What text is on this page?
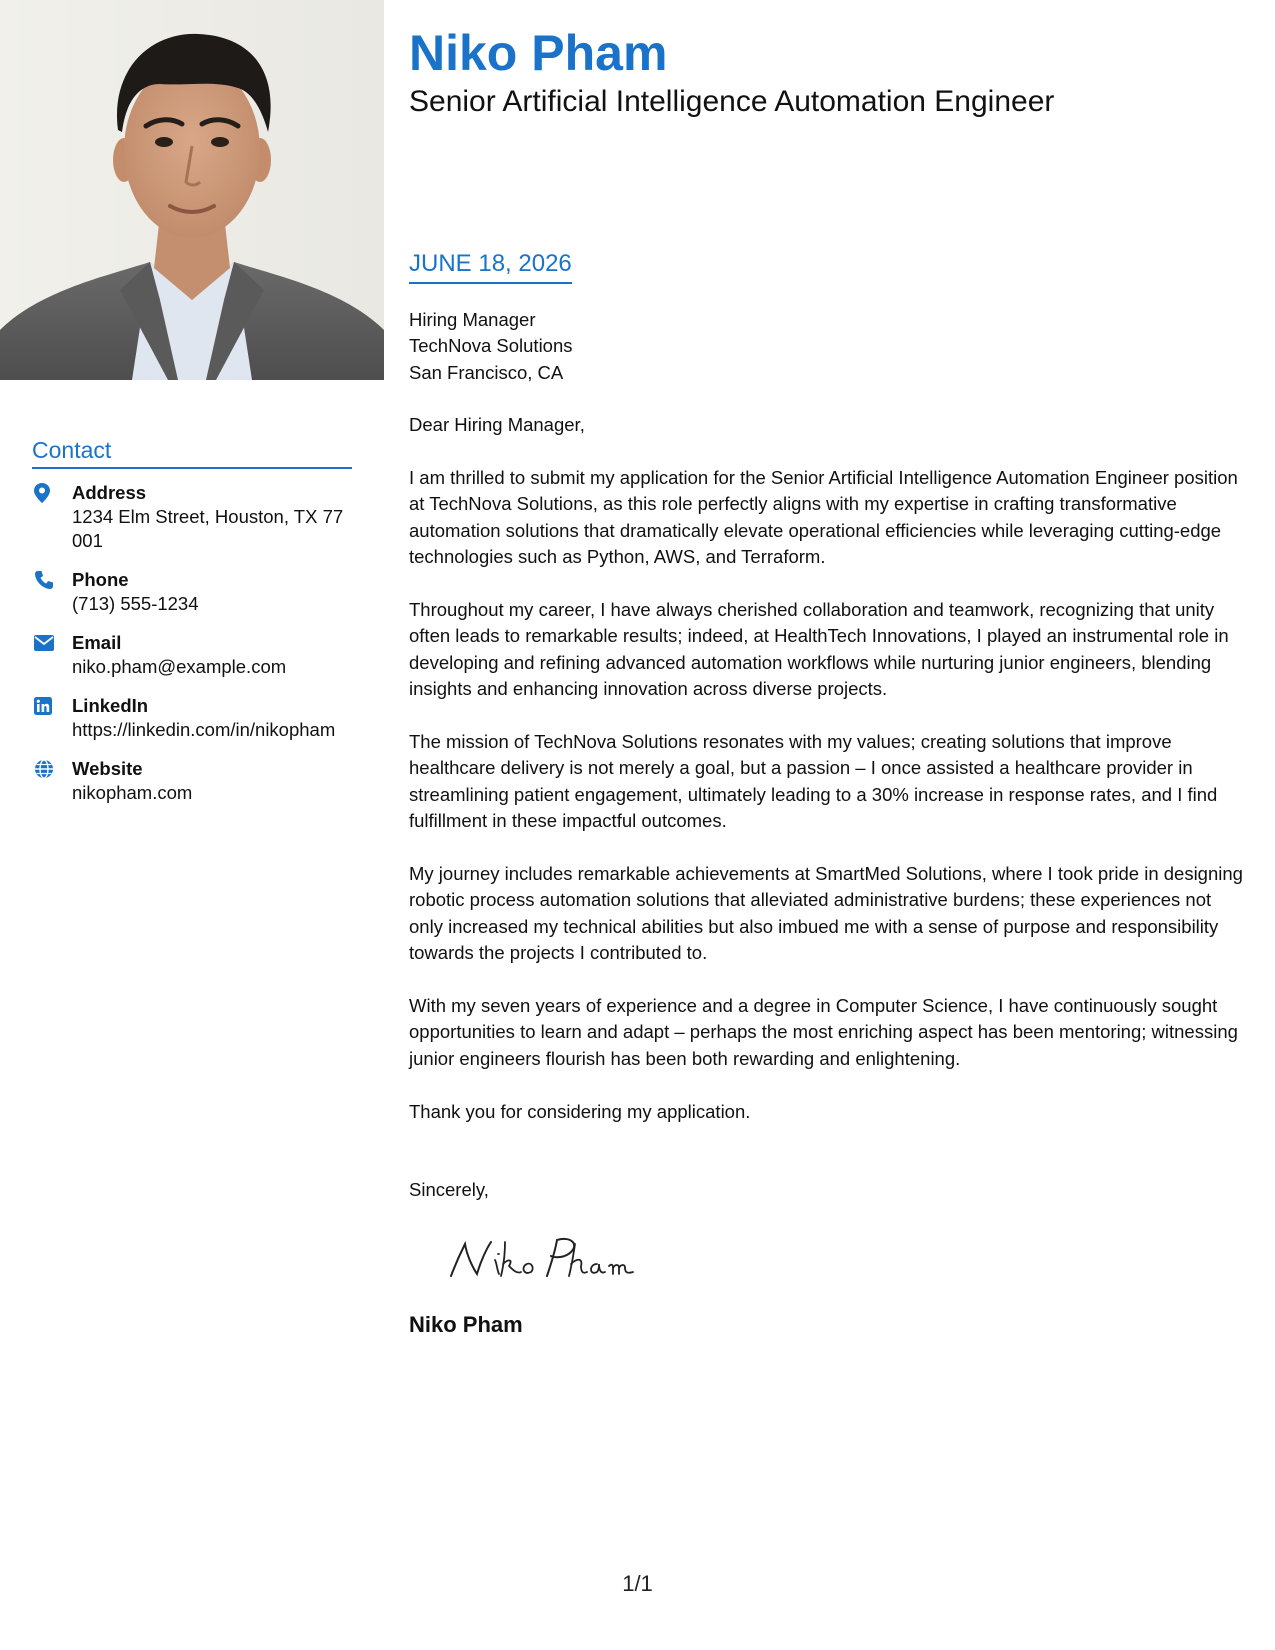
Contact
Address
1234 Elm Street, Houston, TX 77001
Phone
(713) 555-1234
Email
niko.pham@example.com
LinkedIn
https://linkedin.com/in/nikopham
Website
nikopham.com
Niko Pham
Senior Artificial Intelligence Automation Engineer
JUNE 18, 2026
Hiring Manager
TechNova Solutions
San Francisco, CA

Dear Hiring Manager,

I am thrilled to submit my application for the Senior Artificial Intelligence Automation Engineer position at TechNova Solutions, as this role perfectly aligns with my expertise in crafting transformative automation solutions that dramatically elevate operational efficiencies while leveraging cutting-edge technologies such as Python, AWS, and Terraform.

Throughout my career, I have always cherished collaboration and teamwork, recognizing that unity often leads to remarkable results; indeed, at HealthTech Innovations, I played an instrumental role in developing and refining advanced automation workflows while nurturing junior engineers, blending insights and enhancing innovation across diverse projects.

The mission of TechNova Solutions resonates with my values; creating solutions that improve healthcare delivery is not merely a goal, but a passion – I once assisted a healthcare provider in streamlining patient engagement, ultimately leading to a 30% increase in response rates, and I find fulfillment in these impactful outcomes.

My journey includes remarkable achievements at SmartMed Solutions, where I took pride in designing robotic process automation solutions that alleviated administrative burdens; these experiences not only increased my technical abilities but also imbued me with a sense of purpose and responsibility towards the projects I contributed to.

With my seven years of experience and a degree in Computer Science, I have continuously sought opportunities to learn and adapt – perhaps the most enriching aspect has been mentoring; witnessing junior engineers flourish has been both rewarding and enlightening.

Thank you for considering my application.

Sincerely,

Niko Pham
1/1
